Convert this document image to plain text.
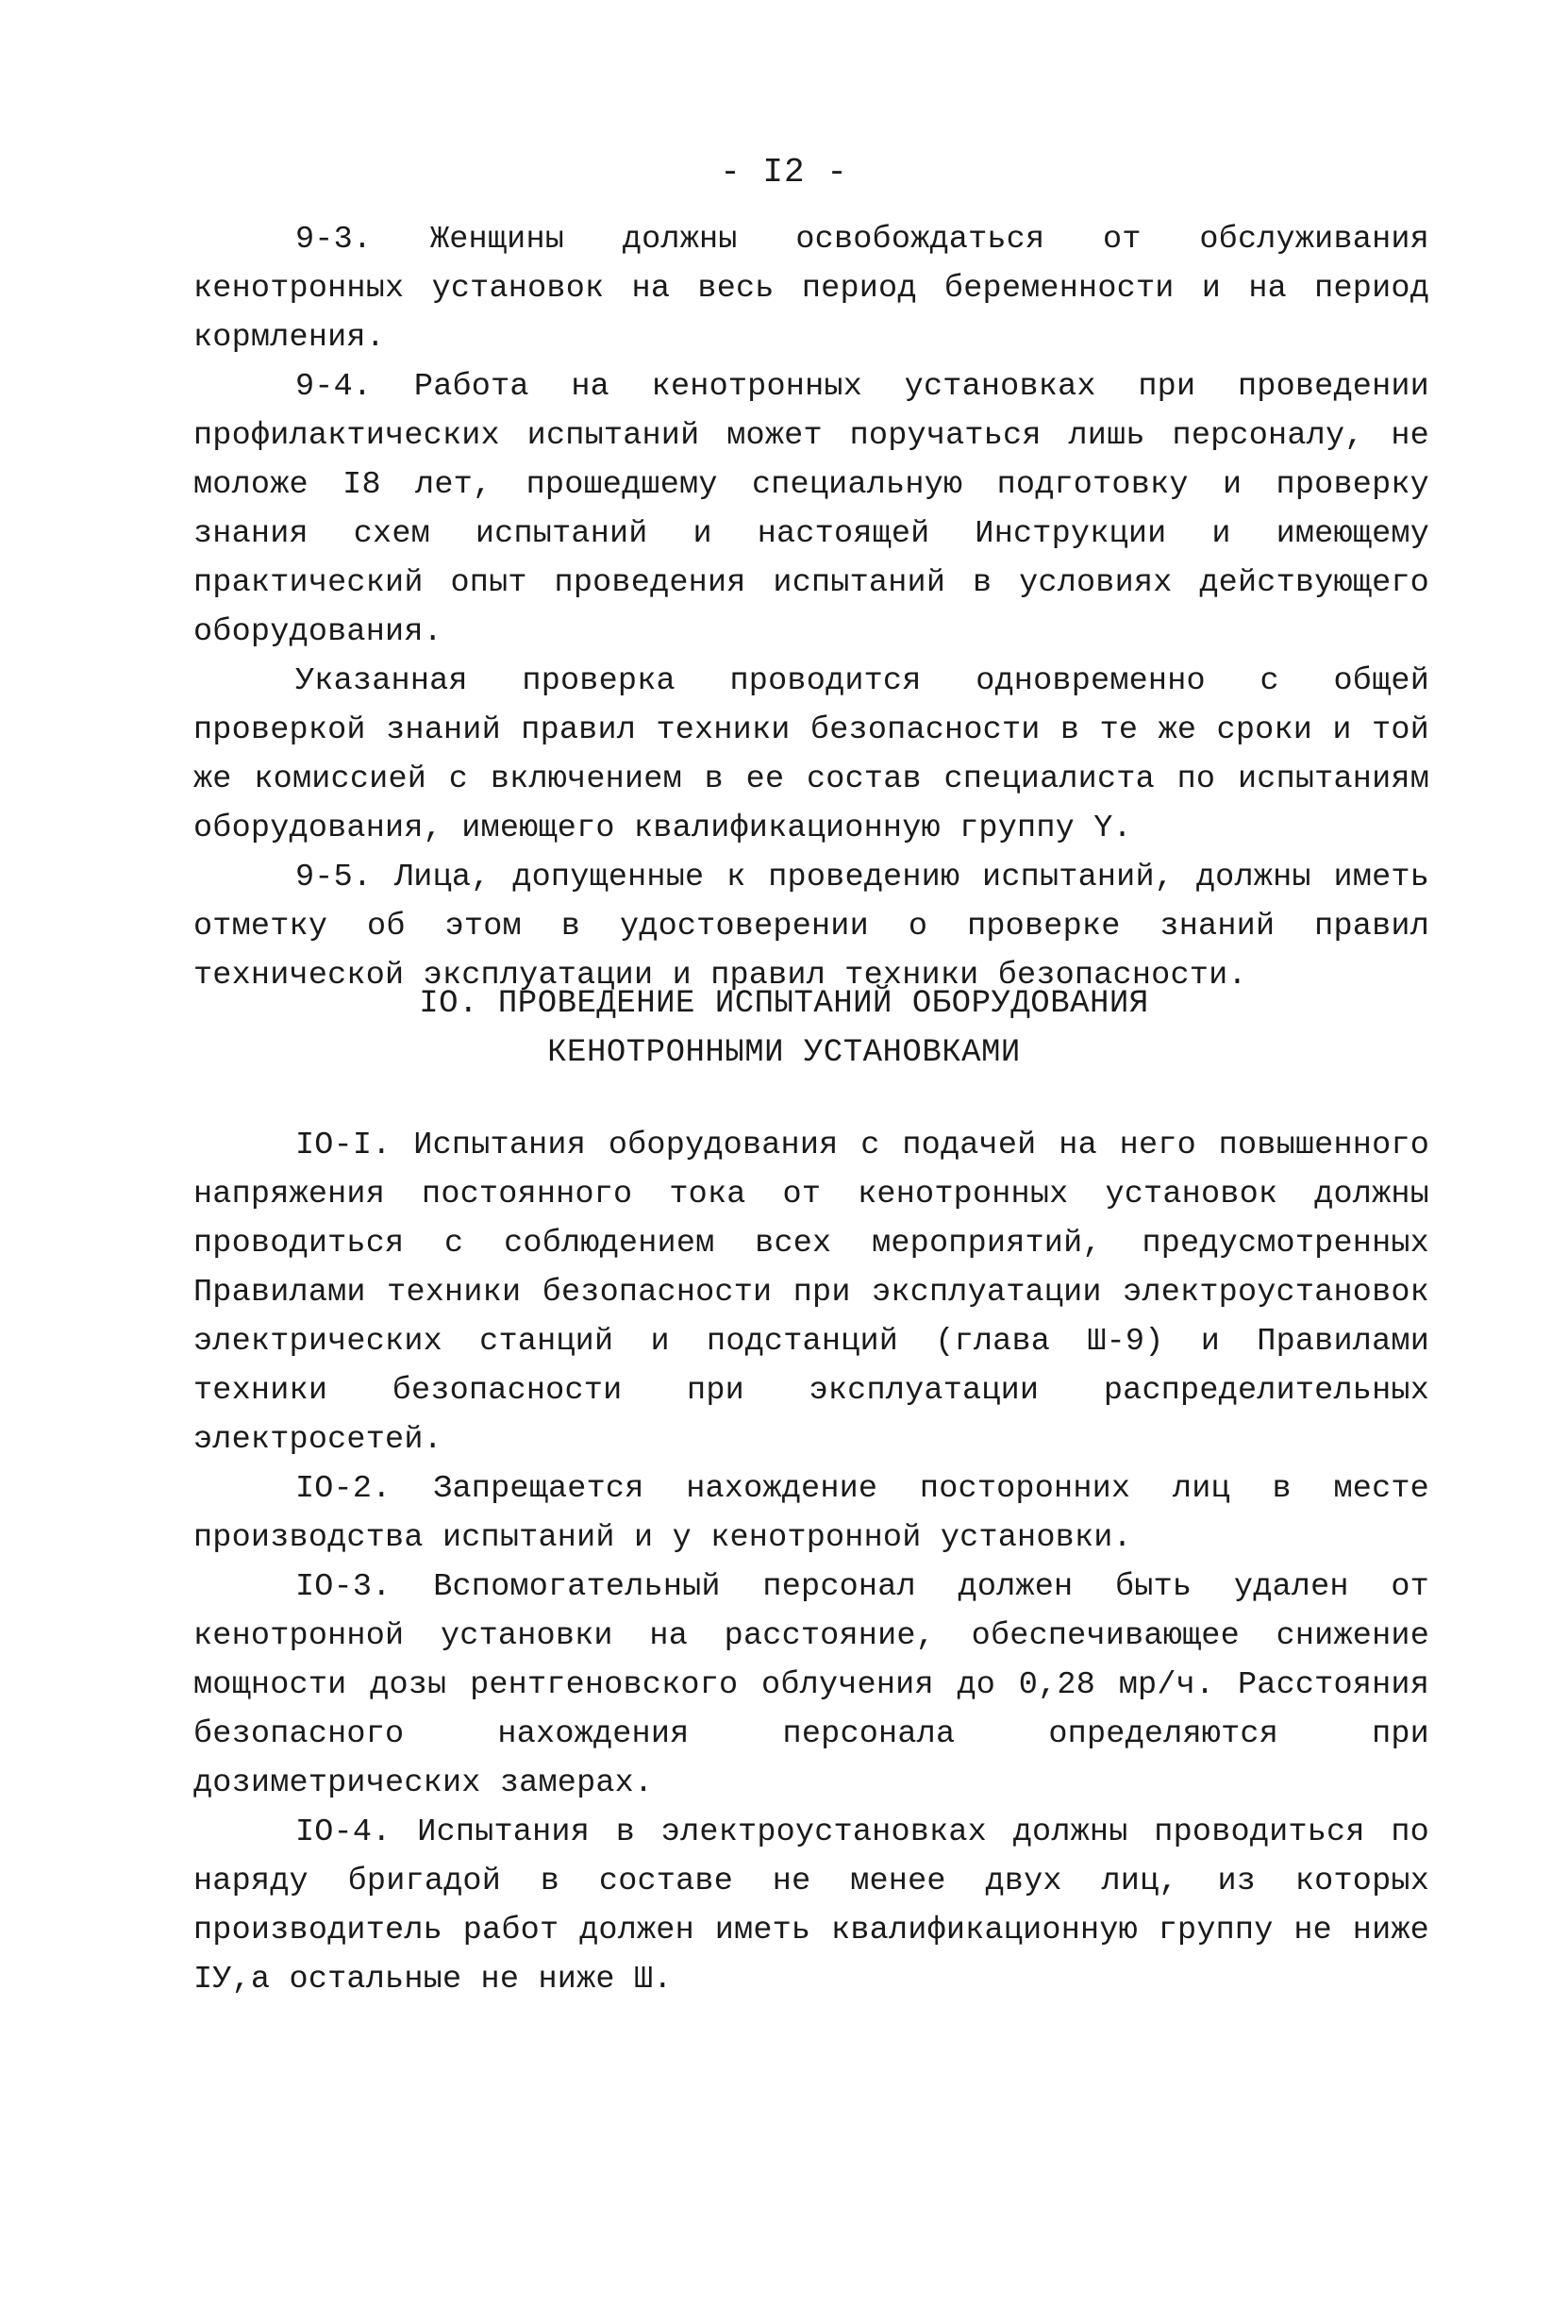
- I2 -

9-3. Женщины должны освобождаться от обслуживания кенотронных установок на весь период беременности и на период кормления.

9-4. Работа на кенотронных установках при проведении профилактических испытаний может поручаться лишь персоналу, не моложе I8 лет, прошедшему специальную подготовку и проверку знания схем испытаний и настоящей Инструкции и имеющему практический опыт проведения испытаний в условиях действующего оборудования.

Указанная проверка проводится одновременно с общей проверкой знаний правил техники безопасности в те же сроки и той же комиссией с включением в ее состав специалиста по испытаниям оборудования, имеющего квалификационную группу Y.

9-5. Лица, допущенные к проведению испытаний, должны иметь отметку об этом в удостоверении о проверке знаний правил технической эксплуатации и правил техники безопасности.

IO. ПРОВЕДЕНИЕ ИСПЫТАНИЙ ОБОРУДОВАНИЯ
КЕНОТРОННЫМИ УСТАНОВКАМИ

IO-I. Испытания оборудования с подачей на него повышенного напряжения постоянного тока от кенотронных установок должны проводиться с соблюдением всех мероприятий, предусмотренных Правилами техники безопасности при эксплуатации электроустановок электрических станций и подстанций (глава Ш-9) и Правилами техники безопасности при эксплуатации распределительных электросетей.

IO-2. Запрещается нахождение посторонних лиц в месте производства испытаний и у кенотронной установки.

IO-3. Вспомогательный персонал должен быть удален от кенотронной установки на расстояние, обеспечивающее снижение мощности дозы рентгеновского облучения до 0,28 мр/ч. Расстояния безопасного нахождения персонала определяются при дозиметрических замерах.

IO-4. Испытания в электроустановках должны проводиться по наряду бригадой в составе не менее двух лиц, из которых производитель работ должен иметь квалификационную группу не ниже IУ,а остальные не ниже Ш.
